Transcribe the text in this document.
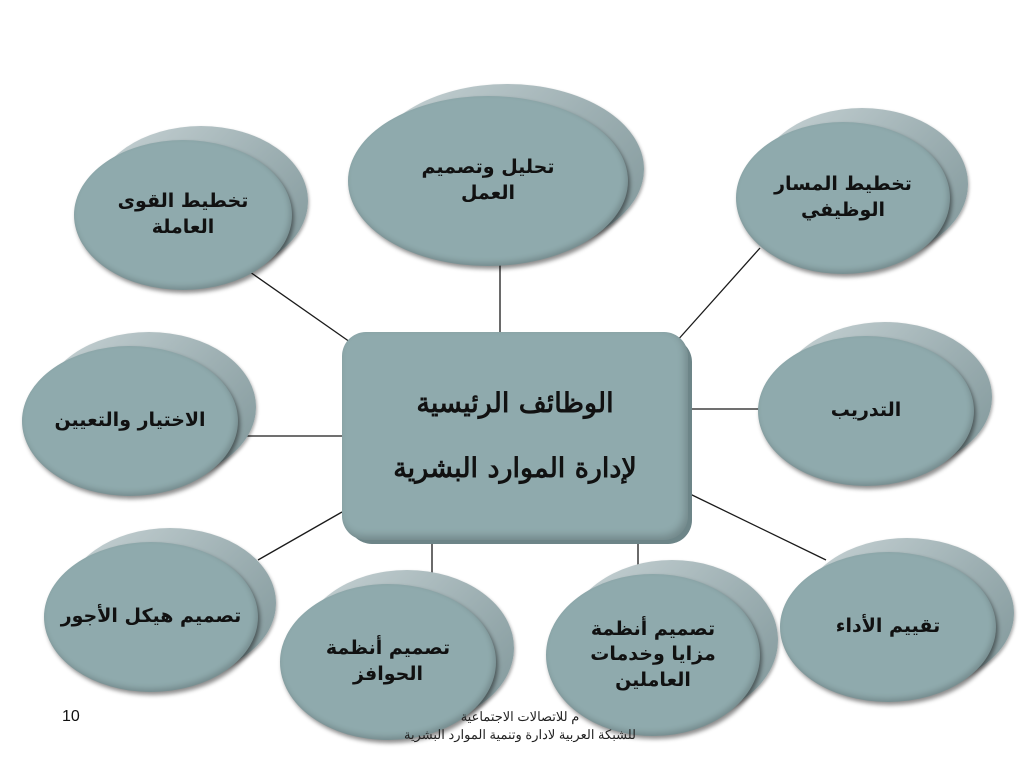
تخطيط القوى العاملة
تحليل وتصميم
العمل	تخطيط المسار
الوظيفي
الاختيار والتعيين	التدريب
تصميم هيكل الأجور
تصميم أنظمة الحوافز
تصميم أنظمة
مزايا وخدمات
العاملين
تقييم الأداء
الوظائف الرئيسية
لإدارة الموارد البشرية
10	م للاتصالات الاجتماعية
للشبكة العربية لادارة وتنمية الموارد البشرية
